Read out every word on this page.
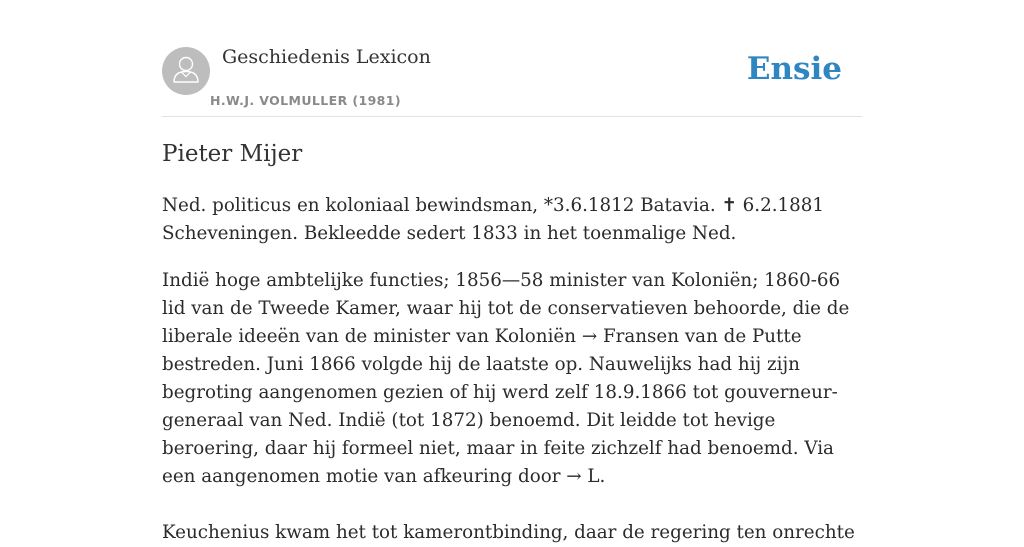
Geschiedenis Lexicon
H.W.J. VOLMULLER (1981)
Ensie
Pieter Mijer

Ned. politicus en koloniaal bewindsman, *3.6.1812 Batavia. ✝ 6.2.1881 Scheveningen. Bekleedde sedert 1833 in het toenmalige Ned.

Indië hoge ambtelijke functies; 1856—58 minister van Koloniën; 1860-66 lid van de Tweede Kamer, waar hij tot de conservatieven behoorde, die de liberale ideeën van de minister van Koloniën → Fransen van de Putte bestreden. Juni 1866 volgde hij de laatste op. Nauwelijks had hij zijn begroting aangenomen gezien of hij werd zelf 18.9.1866 tot gouverneur-generaal van Ned. Indië (tot 1872) benoemd. Dit leidde tot hevige beroering, daar hij formeel niet, maar in feite zichzelf had benoemd. Via een aangenomen motie van afkeuring door → L.

Keuchenius kwam het tot kamerontbinding, daar de regering ten onrechte
